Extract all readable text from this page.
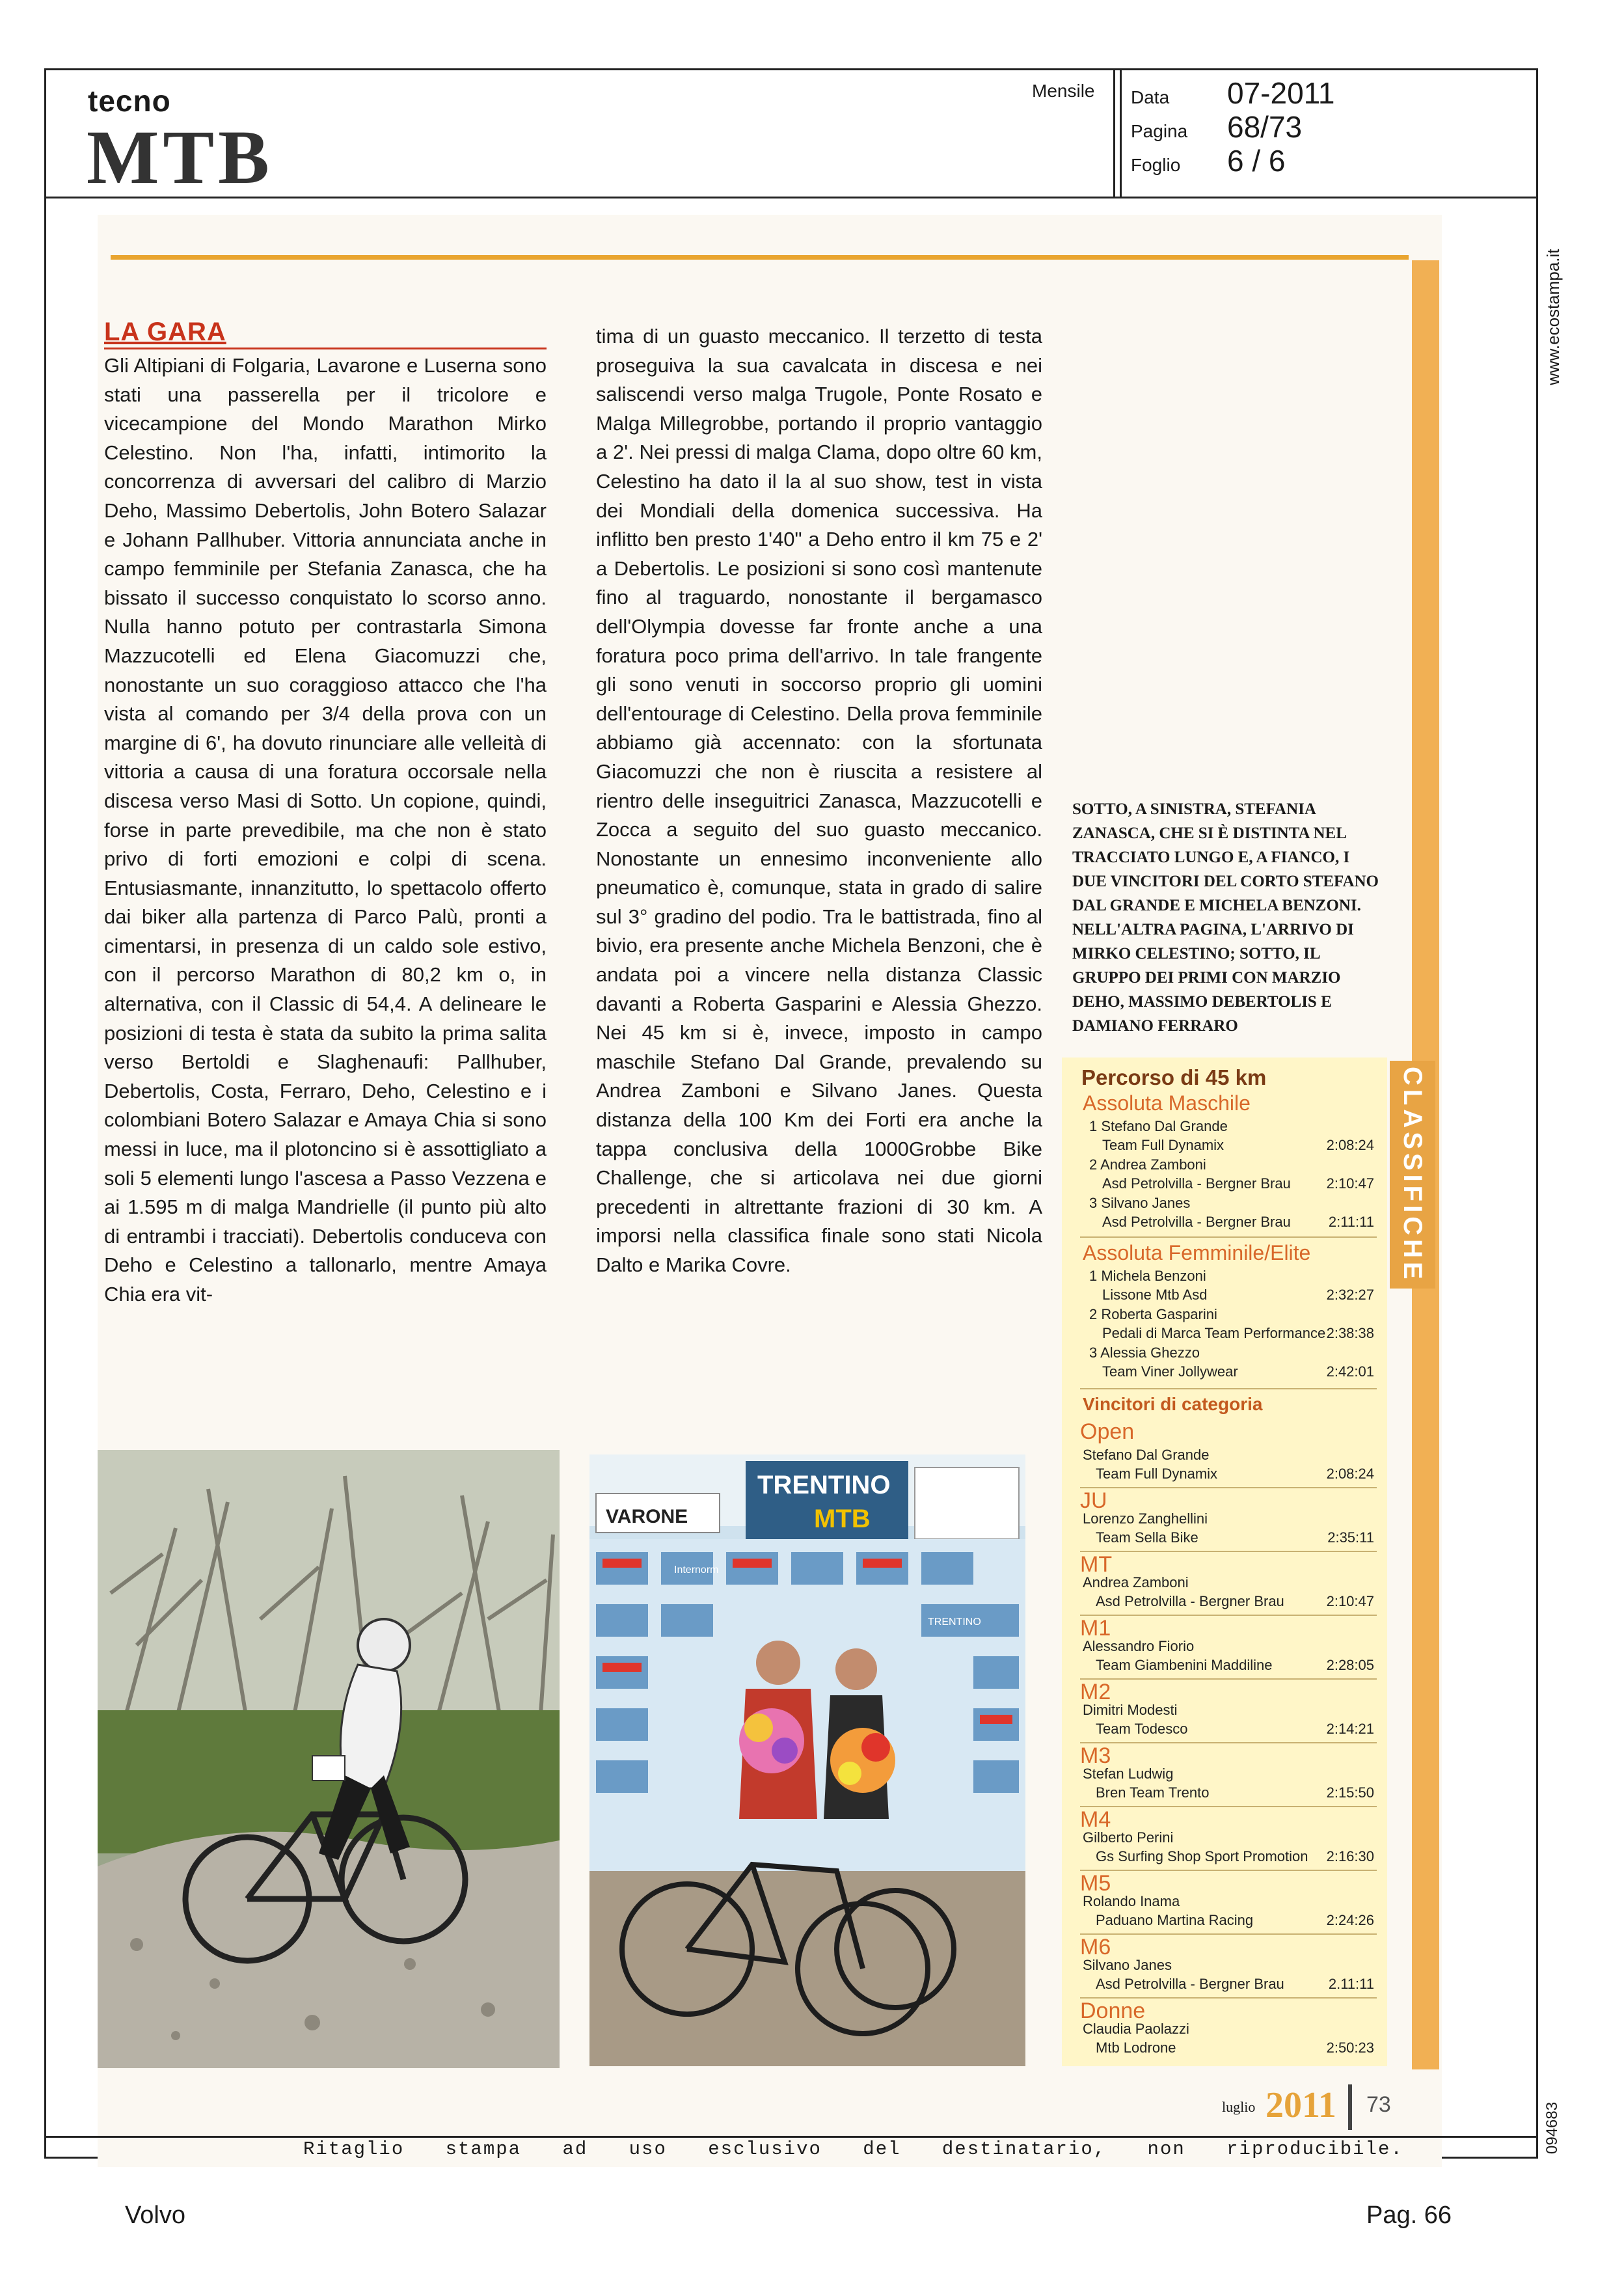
tecno
MTB
Mensile Data 07-2011
Pagina 68/73
Foglio 6 / 6
www.ecostampa.it
094683
LA GARA
Gli Altipiani di Folgaria, Lavarone e Luserna sono stati una passerella per il tricolore e vicecampione del Mondo Marathon Mirko Celestino. Non l'ha, infatti, intimorito la concorrenza di avversari del calibro di Marzio Deho, Massimo Debertolis, John Botero Salazar e Johann Pallhuber. Vittoria annunciata anche in campo femminile per Stefania Zanasca, che ha bissato il successo conquistato lo scorso anno. Nulla hanno potuto per contrastarla Simona Mazzucotelli ed Elena Giacomuzzi che, nonostante un suo coraggioso attacco che l'ha vista al comando per 3/4 della prova con un margine di 6', ha dovuto rinunciare alle velleità di vittoria a causa di una foratura occorsale nella discesa verso Masi di Sotto. Un copione, quindi, forse in parte prevedibile, ma che non è stato privo di forti emozioni e colpi di scena. Entusiasmante, innanzitutto, lo spettacolo offerto dai biker alla partenza di Parco Palù, pronti a cimentarsi, in presenza di un caldo sole estivo, con il percorso Marathon di 80,2 km o, in alternativa, con il Classic di 54,4. A delineare le posizioni di testa è stata da subito la prima salita verso Bertoldi e Slaghenaufi: Pallhuber, Debertolis, Costa, Ferraro, Deho, Celestino e i colombiani Botero Salazar e Amaya Chia si sono messi in luce, ma il plotoncino si è assottigliato a soli 5 elementi lungo l'ascesa a Passo Vezzena e ai 1.595 m di malga Mandrielle (il punto più alto di entrambi i tracciati). Debertolis conduceva con Deho e Celestino a tallonarlo, mentre Amaya Chia era vit-
tima di un guasto meccanico. Il terzetto di testa proseguiva la sua cavalcata in discesa e nei saliscendi verso malga Trugole, Ponte Rosato e Malga Millegrobbe, portando il proprio vantaggio a 2'. Nei pressi di malga Clama, dopo oltre 60 km, Celestino ha dato il la al suo show, test in vista dei Mondiali della domenica successiva. Ha inflitto ben presto 1'40" a Deho entro il km 75 e 2' a Debertolis. Le posizioni si sono così mantenute fino al traguardo, nonostante il bergamasco dell'Olympia dovesse far fronte anche a una foratura poco prima dell'arrivo. In tale frangente gli sono venuti in soccorso proprio gli uomini dell'entourage di Celestino. Della prova femminile abbiamo già accennato: con la sfortunata Giacomuzzi che non è riuscita a resistere al rientro delle inseguitrici Zanasca, Mazzucotelli e Zocca a seguito del suo guasto meccanico. Nonostante un ennesimo inconveniente allo pneumatico è, comunque, stata in grado di salire sul 3° gradino del podio. Tra le battistrada, fino al bivio, era presente anche Michela Benzoni, che è andata poi a vincere nella distanza Classic davanti a Roberta Gasparini e Alessia Ghezzo. Nei 45 km si è, invece, imposto in campo maschile Stefano Dal Grande, prevalendo su Andrea Zamboni e Silvano Janes. Questa distanza della 100 Km dei Forti era anche la tappa conclusiva della 1000Grobbe Bike Challenge, che si articolava nei due giorni precedenti in altrettante frazioni di 30 km. A imporsi nella classifica finale sono stati Nicola Dalto e Marika Covre.
SOTTO, A SINISTRA, STEFANIA ZANASCA, CHE SI È DISTINTA NEL TRACCIATO LUNGO E, A FIANCO, I DUE VINCITORI DEL CORTO STEFANO DAL GRANDE E MICHELA BENZONI. NELL'ALTRA PAGINA, L'ARRIVO DI MIRKO CELESTINO; SOTTO, IL GRUPPO DEI PRIMI CON MARZIO DEHO, MASSIMO DEBERTOLIS E DAMIANO FERRARO
VARONE
TRENTINO
MTB
Internorm
TRENTINO
Percorso di 45 km
Assoluta Maschile
1 Stefano Dal Grande
Team Full Dynamix	2:08:24
2 Andrea Zamboni
Asd Petrolvilla - Bergner Brau 2:10:47
3 Silvano Janes
Asd Petrolvilla - Bergner Brau	2:11:11
Assoluta Femminile/Elite
1 Michela Benzoni
Lissone Mtb Asd	2:32:27
2 Roberta Gasparini
Pedali di Marca Team Performance 2:38:38
3 Alessia Ghezzo
Team Viner Jollywear	2:42:01
Vincitori di categoria
Open
Stefano Dal Grande
Team Full Dynamix	2:08:24
JU
Lorenzo Zanghellini
Team Sella Bike	2:35:11
MT
Andrea Zamboni
Asd Petrolvilla - Bergner Brau	2:10:47
M1
Alessandro Fiorio
Team Giambenini Maddiline	2:28:05
M2
Dimitri Modesti
Team Todesco	2:14:21
M3
Stefan Ludwig
Bren Team Trento	2:15:50
M4
Gilberto Perini
Gs Surfing Shop Sport Promotion 2:16:30
M5
Rolando Inama
Paduano Martina Racing	2:24:26
M6
Silvano Janes
Asd Petrolvilla - Bergner Brau	2.11:11
Donne
Claudia Paolazzi
Mtb Lodrone	2:50:23
CLASSIFICHE
luglio 2011 73
Ritaglio stampa ad uso esclusivo del destinatario, non riproducibile.
Volvo	Pag. 66
